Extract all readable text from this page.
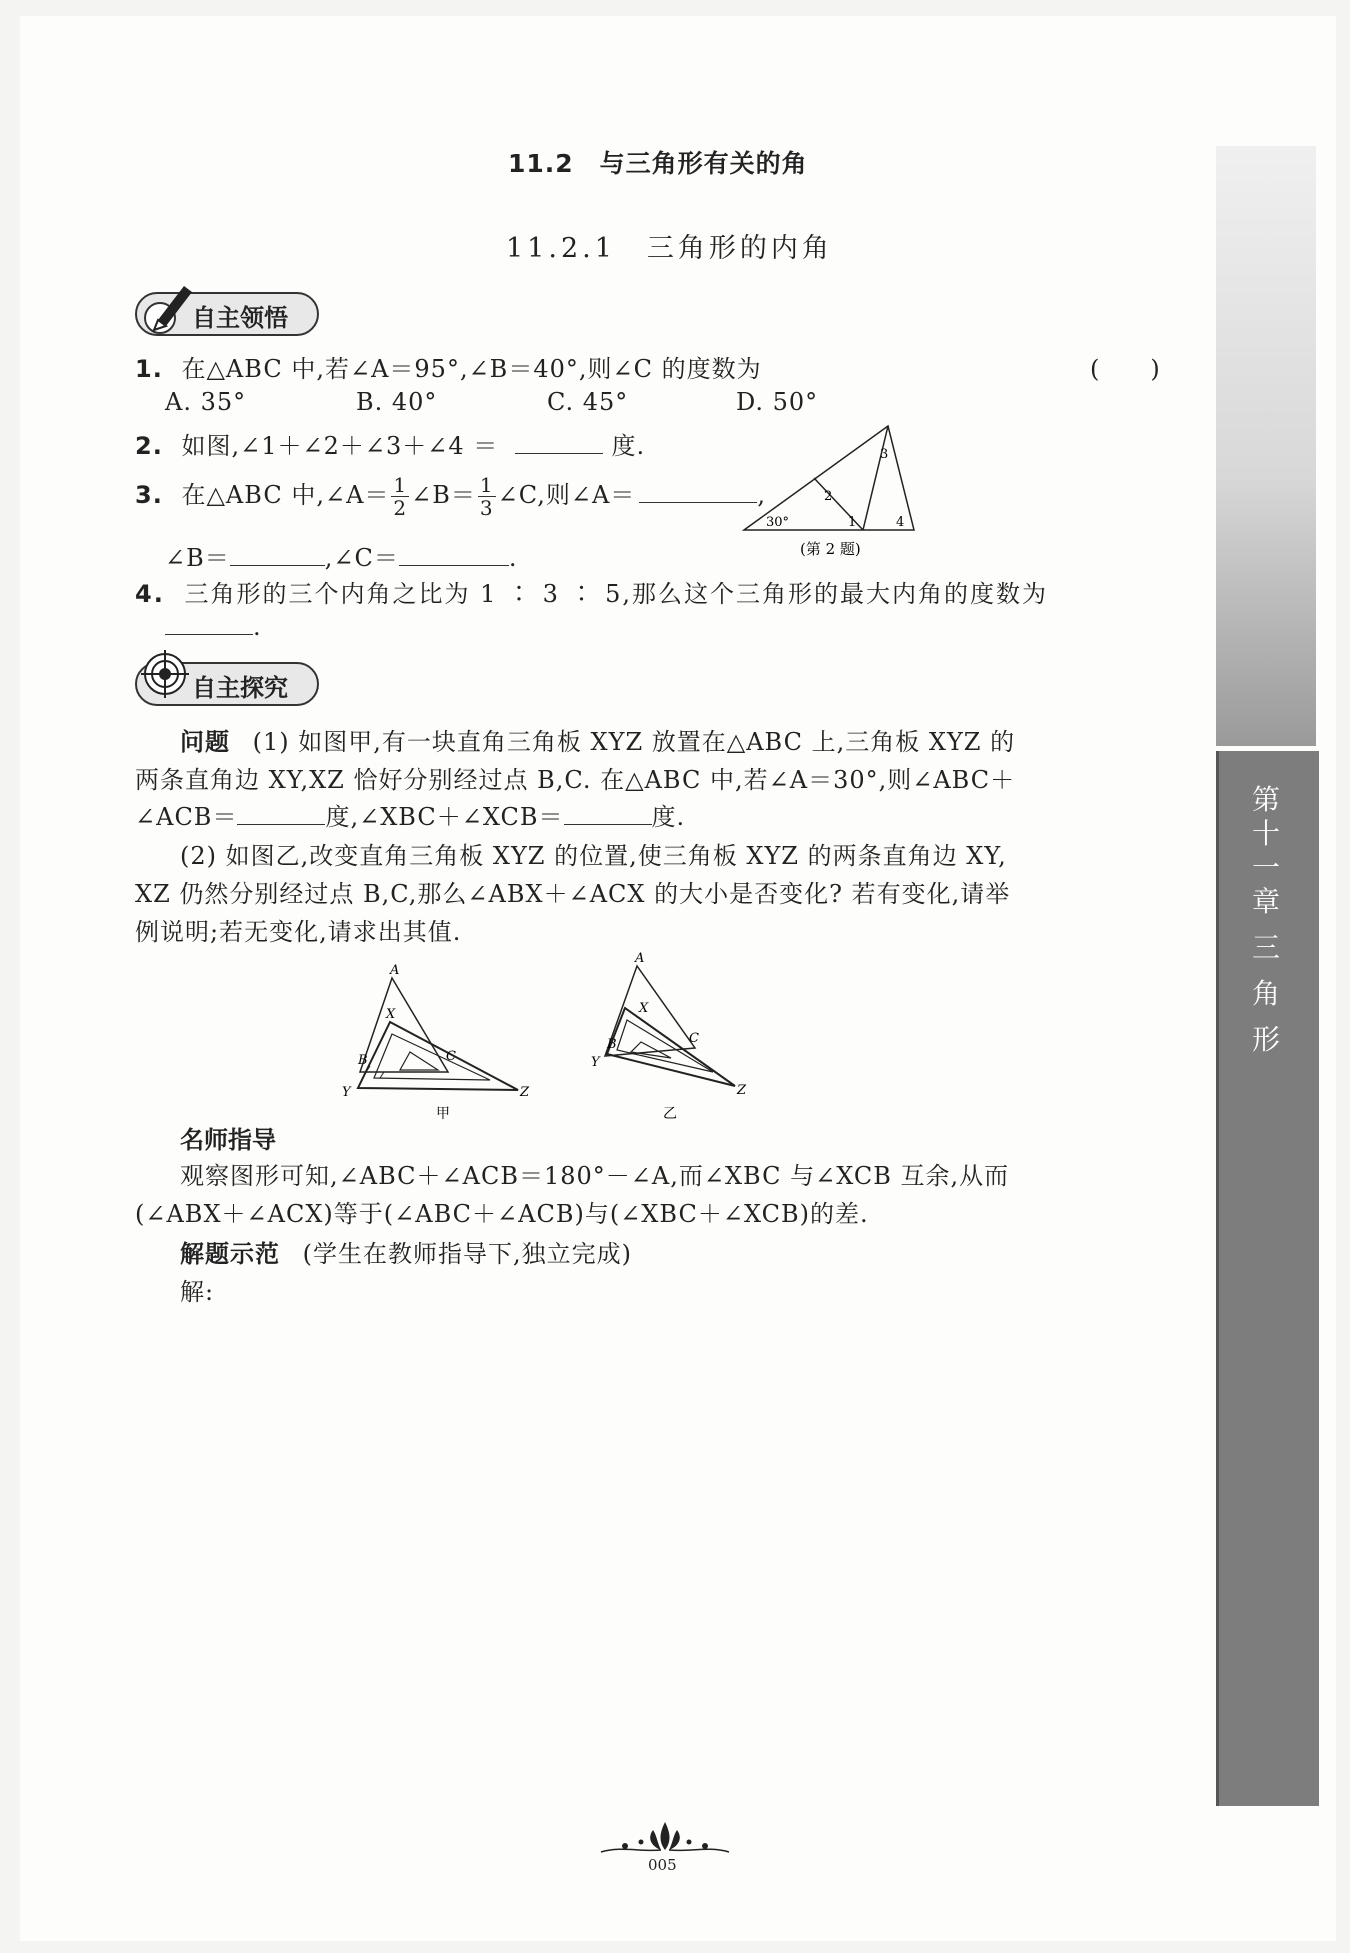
11.2　与三角形有关的角
11.2.1　三角形的内角
自主领悟
1. 在△ABC 中,若∠A＝95°,∠B＝40°,则∠C 的度数为	(　　)
A. 35°	B. 40°	C. 45°	D. 50°
2. 如图,∠1＋∠2＋∠3＋∠4 ＝	度.
30°	1
2
3
4
(第 2 题)
3. 在△ABC 中,∠A＝ $\frac{1}{2}$ ∠B＝ $\frac{1}{3}$ ∠C,则∠A＝	,
∠B＝	,∠C＝	.
4. 三角形的三个内角之比为 1 ∶ 3 ∶ 5,那么这个三角形的最大内角的度数为
.
自主探究
问题 (1) 如图甲,有一块直角三角板 XYZ 放置在△ABC 上,三角板 XYZ 的
两条直角边 XY,XZ 恰好分别经过点 B,C. 在△ABC 中,若∠A＝30°,则∠ABC＋
∠ACB＝	度,∠XBC＋∠XCB＝	度.
(2) 如图乙,改变直角三角板 XYZ 的位置,使三角板 XYZ 的两条直角边 XY,
XZ 仍然分别经过点 B,C,那么∠ABX＋∠ACX 的大小是否变化? 若有变化,请举
例说明;若无变化,请求出其值.
A
X
B	C
Y	Z
甲
A
X
B	C
Y
Z
乙
名师指导
观察图形可知,∠ABC＋∠ACB＝180°－∠A,而∠XBC 与∠XCB 互余,从而
(∠ABX＋∠ACX)等于(∠ABC＋∠ACB)与(∠XBC＋∠XCB)的差.
解题示范 (学生在教师指导下,独立完成)
解:
第
十
一
章
三
角
形
005
